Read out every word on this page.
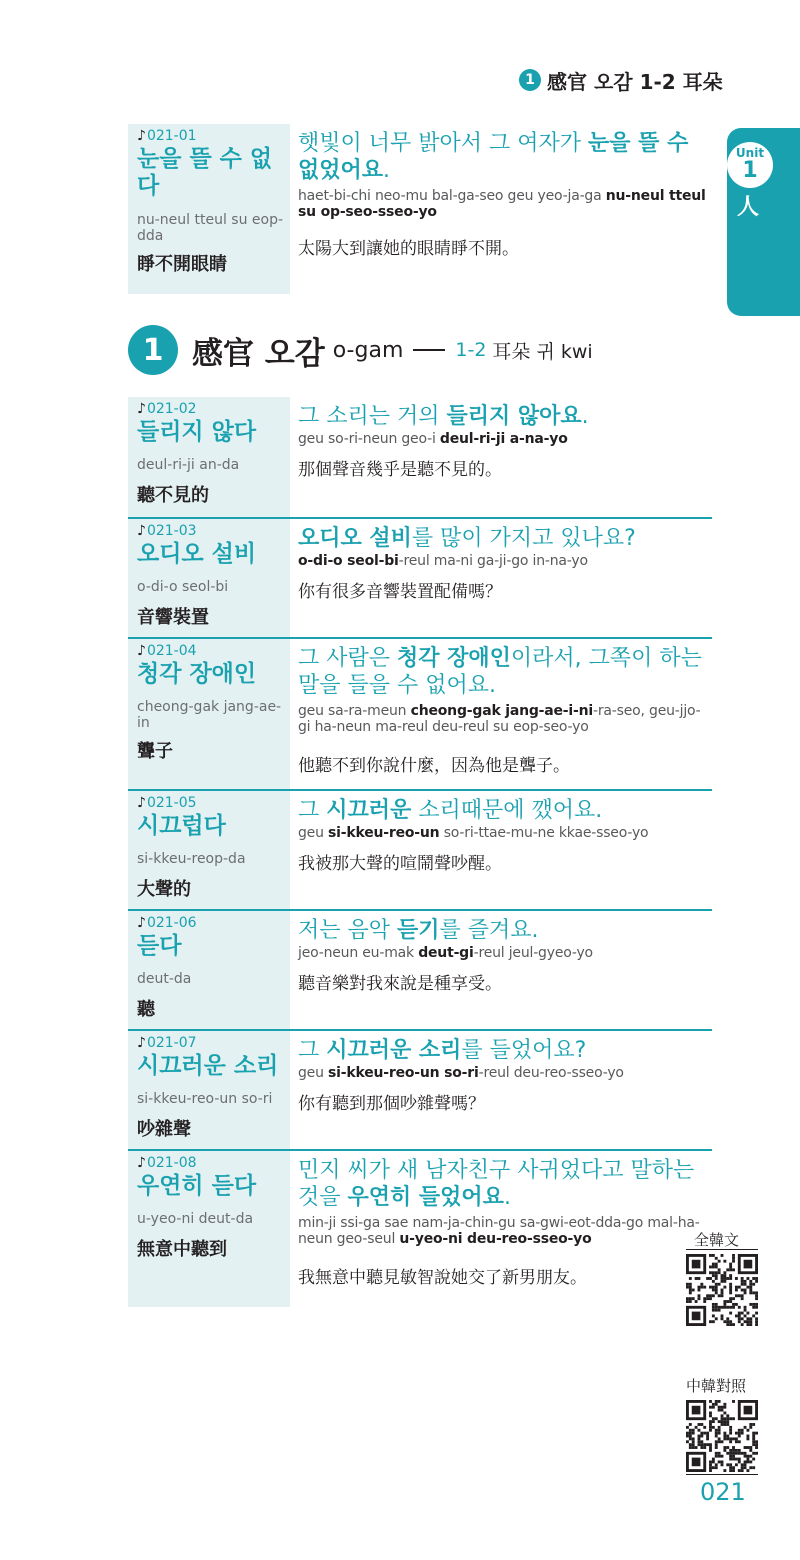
1 感官 오감 1-2 耳朵
Unit
1
人
1 感官 오감 o-gam	1-2 耳朵 귀 kwi
♪021-01
눈을 뜰 수 없다
nu-neul tteul su eop-dda
睜不開眼睛
햇빛이 너무 밝아서 그 여자가 눈을 뜰 수 없었어요.
haet-bi-chi neo-mu bal-ga-seo geu yeo-ja-ga nu-neul tteul su op-seo-sseo-yo
太陽大到讓她的眼睛睜不開。
♪021-02
들리지 않다
deul-ri-ji an-da
聽不見的
그 소리는 거의 들리지 않아요.
geu so-ri-neun geo-i deul-ri-ji a-na-yo
那個聲音幾乎是聽不見的。
♪021-03
오디오 설비
o-di-o seol-bi
音響裝置
오디오 설비를 많이 가지고 있나요?
o-di-o seol-bi-reul ma-ni ga-ji-go in-na-yo
你有很多音響裝置配備嗎？
♪021-04
청각 장애인
cheong-gak jang-ae-in
聾子
그 사람은 청각 장애인이라서, 그쪽이 하는 말을 들을 수 없어요.
geu sa-ra-meun cheong-gak jang-ae-i-ni-ra-seo, geu-jjo-gi ha-neun ma-reul deu-reul su eop-seo-yo
他聽不到你說什麼，因為他是聾子。
♪021-05
시끄럽다
si-kkeu-reop-da
大聲的
그 시끄러운 소리때문에 깼어요.
geu si-kkeu-reo-un so-ri-ttae-mu-ne kkae-sseo-yo
我被那大聲的喧鬧聲吵醒。
♪021-06
듣다
deut-da
聽
저는 음악 듣기를 즐겨요.
jeo-neun eu-mak deut-gi-reul jeul-gyeo-yo
聽音樂對我來說是種享受。
♪021-07
시끄러운 소리
si-kkeu-reo-un so-ri
吵雜聲
그 시끄러운 소리를 들었어요?
geu si-kkeu-reo-un so-ri-reul deu-reo-sseo-yo
你有聽到那個吵雜聲嗎？
♪021-08
우연히 듣다
u-yeo-ni deut-da
無意中聽到
민지 씨가 새 남자친구 사귀었다고 말하는 것을 우연히 들었어요.
min-ji ssi-ga sae nam-ja-chin-gu sa-gwi-eot-dda-go mal-ha-neun geo-seul u-yeo-ni deu-reo-sseo-yo
我無意中聽見敏智說她交了新男朋友。
全韓文
中韓對照
021
